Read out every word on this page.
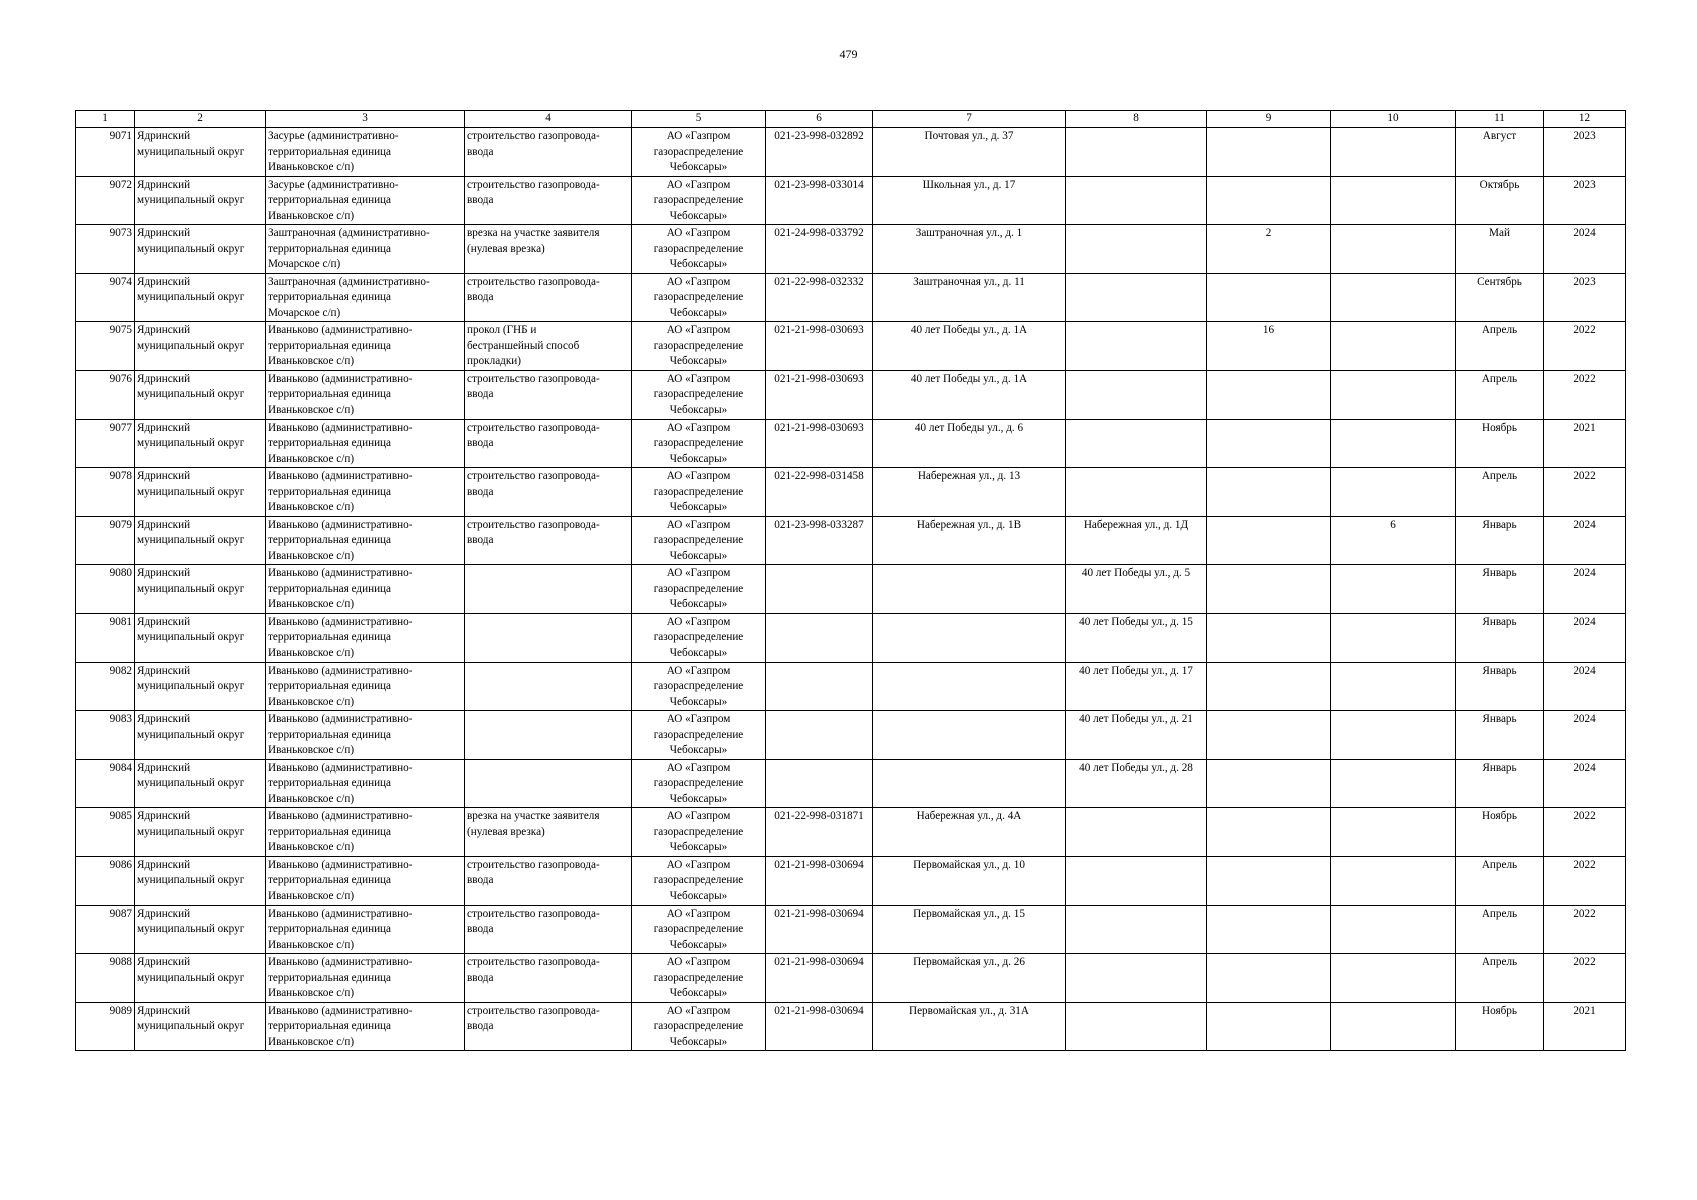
479
1	2	3	4	5	6	7	8	9	10	11	12
9071	Ядринский
муниципальный округ	Засурье (административно-
территориальная единица
Иваньковское с/п)	строительство газопровода-
ввода	АО «Газпром
газораспределение
Чебоксары»	021-23-998-032892	Почтовая ул., д. 37				Август	2023
9072	Ядринский
муниципальный округ	Засурье (административно-
территориальная единица
Иваньковское с/п)	строительство газопровода-
ввода	АО «Газпром
газораспределение
Чебоксары»	021-23-998-033014	Школьная ул., д. 17				Октябрь	2023
9073	Ядринский
муниципальный округ	Заштраночная (административно-
территориальная единица
Мочарское с/п)	врезка на участке заявителя
(нулевая врезка)	АО «Газпром
газораспределение
Чебоксары»	021-24-998-033792	Заштраночная ул., д. 1		2		Май	2024
9074	Ядринский
муниципальный округ	Заштраночная (административно-
территориальная единица
Мочарское с/п)	строительство газопровода-
ввода	АО «Газпром
газораспределение
Чебоксары»	021-22-998-032332	Заштраночная ул., д. 11				Сентябрь	2023
9075	Ядринский
муниципальный округ	Иваньково (административно-
территориальная единица
Иваньковское с/п)	прокол (ГНБ и
бестраншейный способ
прокладки)	АО «Газпром
газораспределение
Чебоксары»	021-21-998-030693	40 лет Победы ул., д. 1А		16		Апрель	2022
9076	Ядринский
муниципальный округ	Иваньково (административно-
территориальная единица
Иваньковское с/п)	строительство газопровода-
ввода	АО «Газпром
газораспределение
Чебоксары»	021-21-998-030693	40 лет Победы ул., д. 1А				Апрель	2022
9077	Ядринский
муниципальный округ	Иваньково (административно-
территориальная единица
Иваньковское с/п)	строительство газопровода-
ввода	АО «Газпром
газораспределение
Чебоксары»	021-21-998-030693	40 лет Победы ул., д. 6				Ноябрь	2021
9078	Ядринский
муниципальный округ	Иваньково (административно-
территориальная единица
Иваньковское с/п)	строительство газопровода-
ввода	АО «Газпром
газораспределение
Чебоксары»	021-22-998-031458	Набережная ул., д. 13				Апрель	2022
9079	Ядринский
муниципальный округ	Иваньково (административно-
территориальная единица
Иваньковское с/п)	строительство газопровода-
ввода	АО «Газпром
газораспределение
Чебоксары»	021-23-998-033287	Набережная ул., д. 1В	Набережная ул., д. 1Д		6	Январь	2024
9080	Ядринский
муниципальный округ	Иваньково (административно-
территориальная единица
Иваньковское с/п)		АО «Газпром
газораспределение
Чебоксары»			40 лет Победы ул., д. 5			Январь	2024
9081	Ядринский
муниципальный округ	Иваньково (административно-
территориальная единица
Иваньковское с/п)		АО «Газпром
газораспределение
Чебоксары»			40 лет Победы ул., д. 15			Январь	2024
9082	Ядринский
муниципальный округ	Иваньково (административно-
территориальная единица
Иваньковское с/п)		АО «Газпром
газораспределение
Чебоксары»			40 лет Победы ул., д. 17			Январь	2024
9083	Ядринский
муниципальный округ	Иваньково (административно-
территориальная единица
Иваньковское с/п)		АО «Газпром
газораспределение
Чебоксары»			40 лет Победы ул., д. 21			Январь	2024
9084	Ядринский
муниципальный округ	Иваньково (административно-
территориальная единица
Иваньковское с/п)		АО «Газпром
газораспределение
Чебоксары»			40 лет Победы ул., д. 28			Январь	2024
9085	Ядринский
муниципальный округ	Иваньково (административно-
территориальная единица
Иваньковское с/п)	врезка на участке заявителя
(нулевая врезка)	АО «Газпром
газораспределение
Чебоксары»	021-22-998-031871	Набережная ул., д. 4А				Ноябрь	2022
9086	Ядринский
муниципальный округ	Иваньково (административно-
территориальная единица
Иваньковское с/п)	строительство газопровода-
ввода	АО «Газпром
газораспределение
Чебоксары»	021-21-998-030694	Первомайская ул., д. 10				Апрель	2022
9087	Ядринский
муниципальный округ	Иваньково (административно-
территориальная единица
Иваньковское с/п)	строительство газопровода-
ввода	АО «Газпром
газораспределение
Чебоксары»	021-21-998-030694	Первомайская ул., д. 15				Апрель	2022
9088	Ядринский
муниципальный округ	Иваньково (административно-
территориальная единица
Иваньковское с/п)	строительство газопровода-
ввода	АО «Газпром
газораспределение
Чебоксары»	021-21-998-030694	Первомайская ул., д. 26				Апрель	2022
9089	Ядринский
муниципальный округ	Иваньково (административно-
территориальная единица
Иваньковское с/п)	строительство газопровода-
ввода	АО «Газпром
газораспределение
Чебоксары»	021-21-998-030694	Первомайская ул., д. 31А				Ноябрь	2021
